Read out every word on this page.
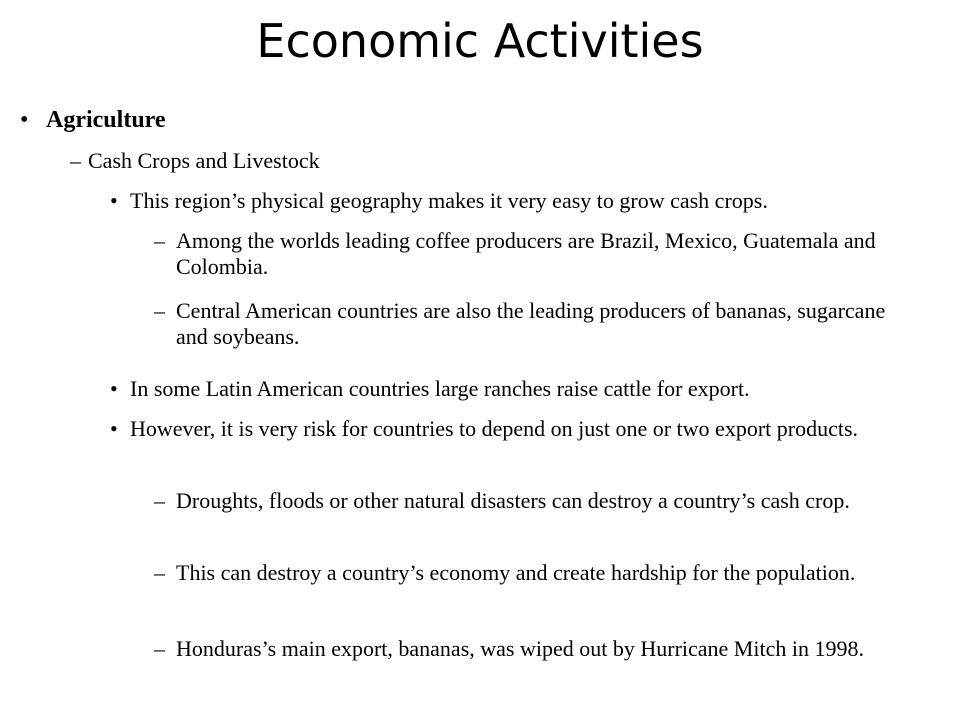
Economic Activities
• Agriculture
– Cash Crops and Livestock
• This region’s physical geography makes it very easy to grow cash crops.
– Among the worlds leading coffee producers are Brazil, Mexico, Guatemala and Colombia.
– Central American countries are also the leading producers of bananas, sugarcane and soybeans.
• In some Latin American countries large ranches raise cattle for export.
• However, it is very risk for countries to depend on just one or two export products.
– Droughts, floods or other natural disasters can destroy a country’s cash crop.
– This can destroy a country’s economy and create hardship for the population.
– Honduras’s main export, bananas, was wiped out by Hurricane Mitch in 1998.
